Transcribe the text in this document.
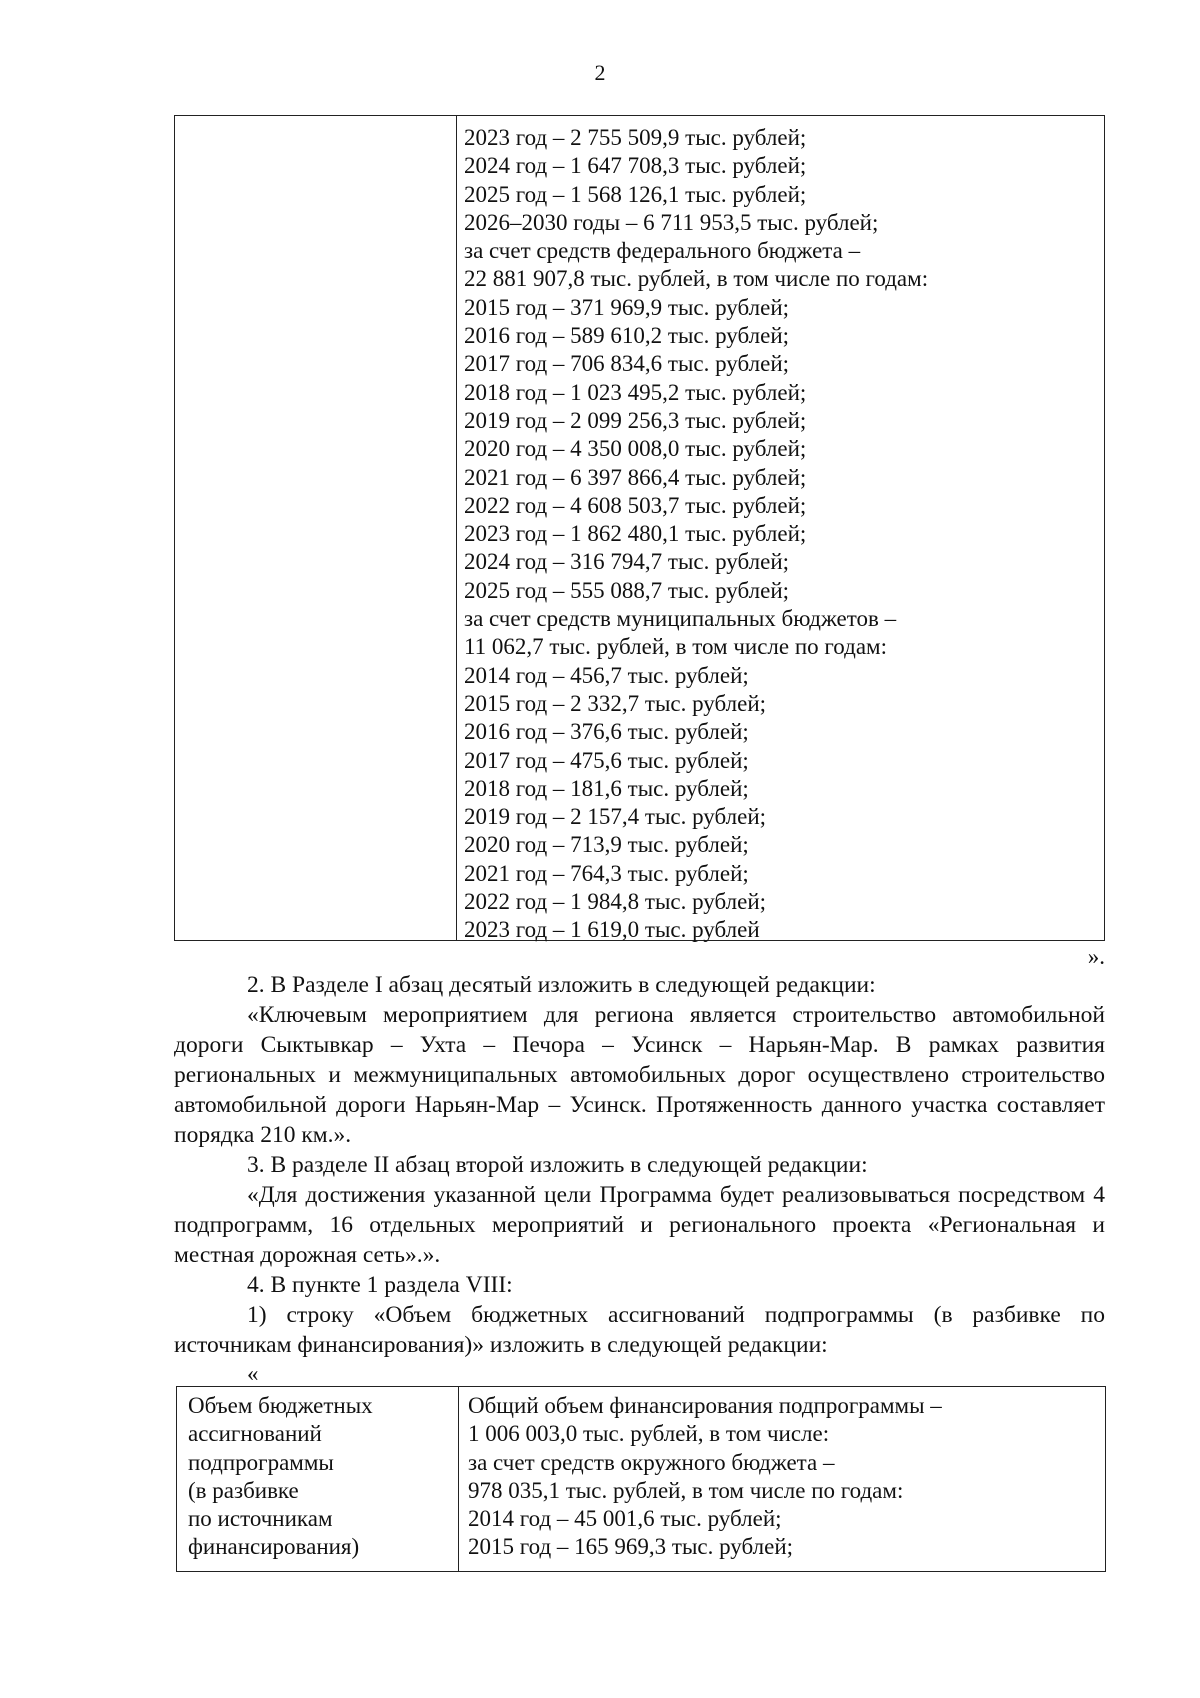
2
2023 год – 2 755 509,9 тыс. рублей;
2024 год – 1 647 708,3 тыс. рублей;
2025 год – 1 568 126,1 тыс. рублей;
2026–2030 годы – 6 711 953,5 тыс. рублей;
за счет средств федерального бюджета –
22 881 907,8 тыс. рублей, в том числе по годам:
2015 год – 371 969,9 тыс. рублей;
2016 год – 589 610,2 тыс. рублей;
2017 год – 706 834,6 тыс. рублей;
2018 год – 1 023 495,2 тыс. рублей;
2019 год – 2 099 256,3 тыс. рублей;
2020 год – 4 350 008,0 тыс. рублей;
2021 год – 6 397 866,4 тыс. рублей;
2022 год – 4 608 503,7 тыс. рублей;
2023 год – 1 862 480,1 тыс. рублей;
2024 год – 316 794,7 тыс. рублей;
2025 год – 555 088,7 тыс. рублей;
за счет средств муниципальных бюджетов –
11 062,7 тыс. рублей, в том числе по годам:
2014 год – 456,7 тыс. рублей;
2015 год – 2 332,7 тыс. рублей;
2016 год – 376,6 тыс. рублей;
2017 год – 475,6 тыс. рублей;
2018 год – 181,6 тыс. рублей;
2019 год – 2 157,4 тыс. рублей;
2020 год – 713,9 тыс. рублей;
2021 год – 764,3 тыс. рублей;
2022 год – 1 984,8 тыс. рублей;
2023 год – 1 619,0 тыс. рублей
».

2. В Разделе I абзац десятый изложить в следующей редакции:

«Ключевым мероприятием для региона является строительство автомобильной дороги Сыктывкар – Ухта – Печора – Усинск – Нарьян-Мар. В рамках развития региональных и межмуниципальных автомобильных дорог осуществлено строительство автомобильной дороги Нарьян-Мар – Усинск. Протяженность данного участка составляет порядка 210 км.».

3. В разделе II абзац второй изложить в следующей редакции:

«Для достижения указанной цели Программа будет реализовываться посредством 4 подпрограмм, 16 отдельных мероприятий и регионального проекта «Региональная и местная дорожная сеть».».

4. В пункте 1 раздела VIII:

1) строку «Объем бюджетных ассигнований подпрограммы (в разбивке по источникам финансирования)» изложить в следующей редакции:

«
Объем бюджетных
ассигнований
подпрограммы
(в разбивке
по источникам
финансирования)
Общий объем финансирования подпрограммы –
1 006 003,0 тыс. рублей, в том числе:
за счет средств окружного бюджета –
978 035,1 тыс. рублей, в том числе по годам:
2014 год – 45 001,6 тыс. рублей;
2015 год – 165 969,3 тыс. рублей;
